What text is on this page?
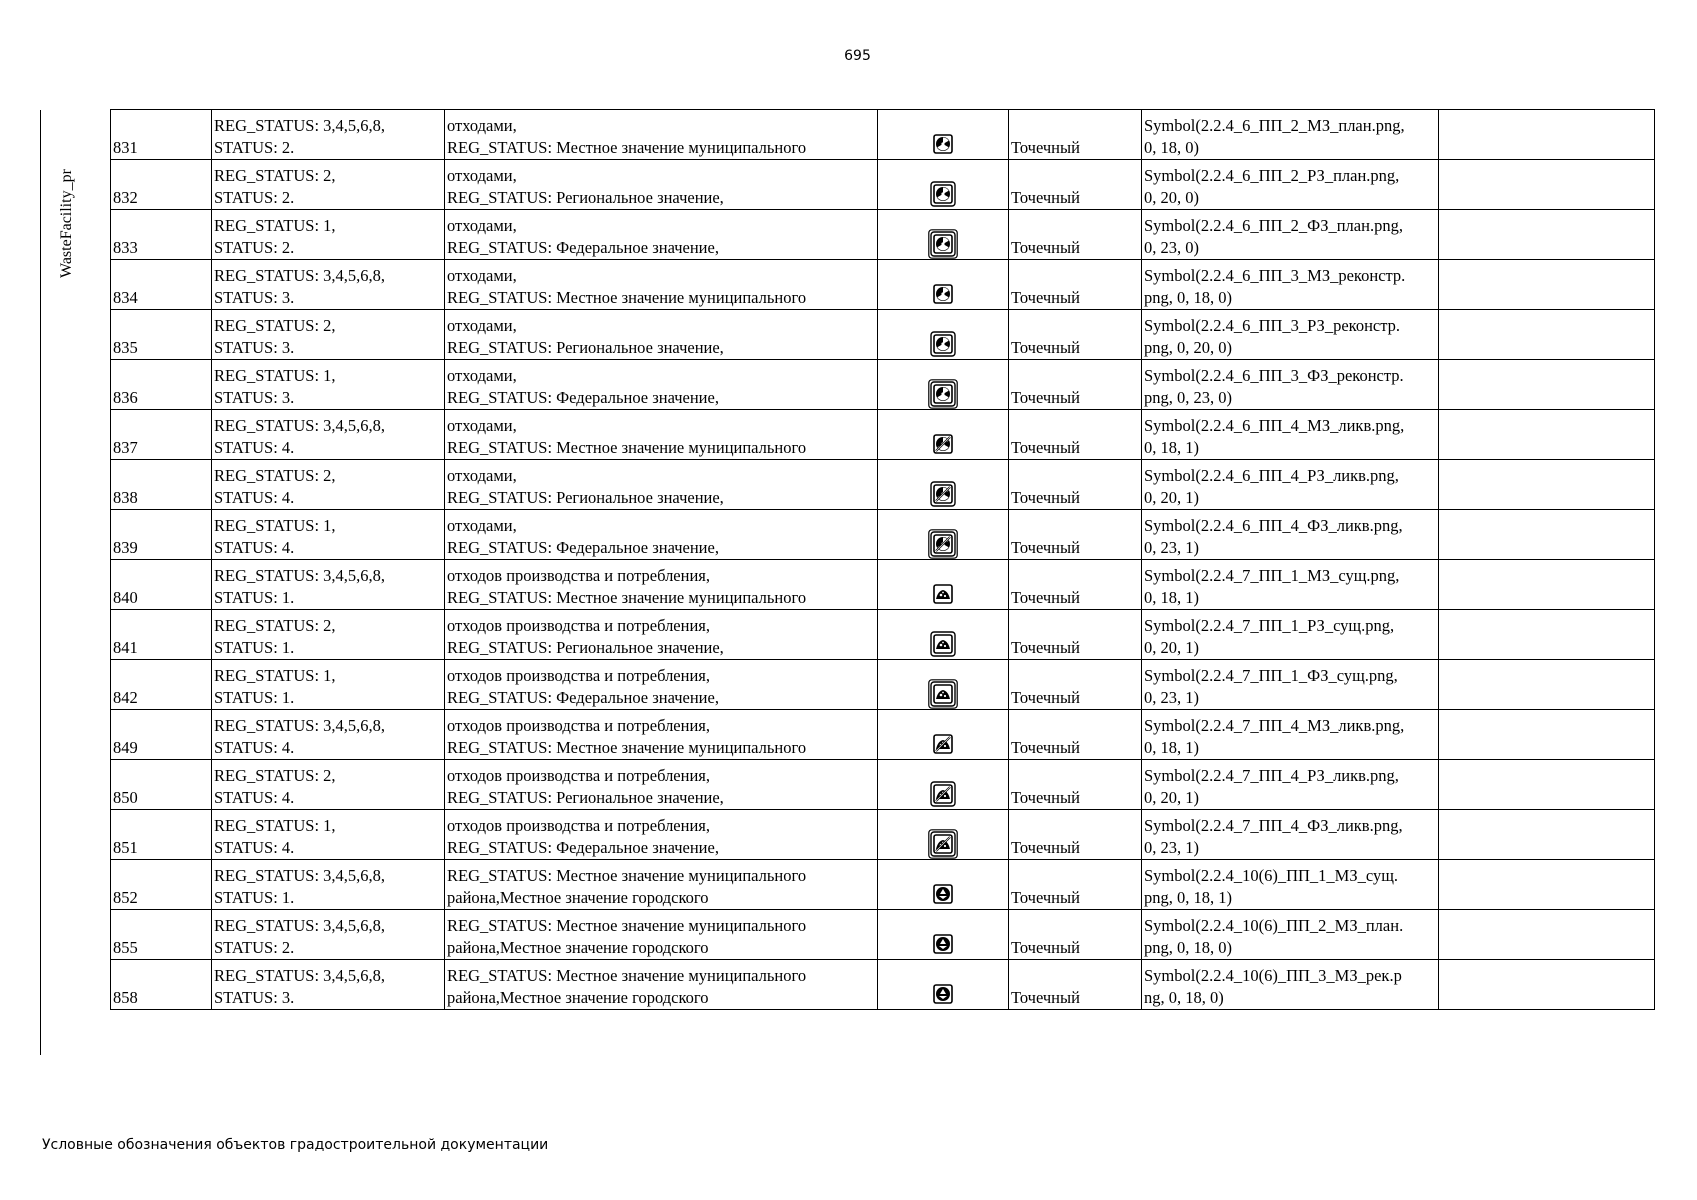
695
WasteFacility_pr
831	REG_STATUS: 3,4,5,6,8,
STATUS: 2.	отходами,
REG_STATUS: Местное значение муниципального		Точечный	Symbol(2.2.4_6_ПП_2_МЗ_план.png,
0, 18, 0)	

832	REG_STATUS: 2,
STATUS: 2.	отходами,
REG_STATUS: Региональное значение,		Точечный	Symbol(2.2.4_6_ПП_2_РЗ_план.png,
0, 20, 0)	

833	REG_STATUS: 1,
STATUS: 2.	отходами,
REG_STATUS: Федеральное значение,		Точечный	Symbol(2.2.4_6_ПП_2_ФЗ_план.png,
0, 23, 0)	

834	REG_STATUS: 3,4,5,6,8,
STATUS: 3.	отходами,
REG_STATUS: Местное значение муниципального		Точечный	Symbol(2.2.4_6_ПП_3_МЗ_реконстр.
png, 0, 18, 0)	

835	REG_STATUS: 2,
STATUS: 3.	отходами,
REG_STATUS: Региональное значение,		Точечный	Symbol(2.2.4_6_ПП_3_РЗ_реконстр.
png, 0, 20, 0)	

836	REG_STATUS: 1,
STATUS: 3.	отходами,
REG_STATUS: Федеральное значение,		Точечный	Symbol(2.2.4_6_ПП_3_ФЗ_реконстр.
png, 0, 23, 0)	

837	REG_STATUS: 3,4,5,6,8,
STATUS: 4.	отходами,
REG_STATUS: Местное значение муниципального		Точечный	Symbol(2.2.4_6_ПП_4_МЗ_ликв.png,
0, 18, 1)	

838	REG_STATUS: 2,
STATUS: 4.	отходами,
REG_STATUS: Региональное значение,		Точечный	Symbol(2.2.4_6_ПП_4_РЗ_ликв.png,
0, 20, 1)	

839	REG_STATUS: 1,
STATUS: 4.	отходами,
REG_STATUS: Федеральное значение,		Точечный	Symbol(2.2.4_6_ПП_4_ФЗ_ликв.png,
0, 23, 1)	

840	REG_STATUS: 3,4,5,6,8,
STATUS: 1.	отходов производства и потребления,
REG_STATUS: Местное значение муниципального		Точечный	Symbol(2.2.4_7_ПП_1_МЗ_сущ.png,
0, 18, 1)	

841	REG_STATUS: 2,
STATUS: 1.	отходов производства и потребления,
REG_STATUS: Региональное значение,		Точечный	Symbol(2.2.4_7_ПП_1_РЗ_сущ.png,
0, 20, 1)	

842	REG_STATUS: 1,
STATUS: 1.	отходов производства и потребления,
REG_STATUS: Федеральное значение,		Точечный	Symbol(2.2.4_7_ПП_1_ФЗ_сущ.png,
0, 23, 1)	

849	REG_STATUS: 3,4,5,6,8,
STATUS: 4.	отходов производства и потребления,
REG_STATUS: Местное значение муниципального		Точечный	Symbol(2.2.4_7_ПП_4_МЗ_ликв.png,
0, 18, 1)	

850	REG_STATUS: 2,
STATUS: 4.	отходов производства и потребления,
REG_STATUS: Региональное значение,		Точечный	Symbol(2.2.4_7_ПП_4_РЗ_ликв.png,
0, 20, 1)	

851	REG_STATUS: 1,
STATUS: 4.	отходов производства и потребления,
REG_STATUS: Федеральное значение,		Точечный	Symbol(2.2.4_7_ПП_4_ФЗ_ликв.png,
0, 23, 1)	

852	REG_STATUS: 3,4,5,6,8,
STATUS: 1.	REG_STATUS: Местное значение муниципального
района,Местное значение городского		Точечный	Symbol(2.2.4_10(6)_ПП_1_МЗ_сущ.
png, 0, 18, 1)	

855	REG_STATUS: 3,4,5,6,8,
STATUS: 2.	REG_STATUS: Местное значение муниципального
района,Местное значение городского		Точечный	Symbol(2.2.4_10(6)_ПП_2_МЗ_план.
png, 0, 18, 0)	

858	REG_STATUS: 3,4,5,6,8,
STATUS: 3.	REG_STATUS: Местное значение муниципального
района,Местное значение городского		Точечный	Symbol(2.2.4_10(6)_ПП_3_МЗ_рек.р
ng, 0, 18, 0)	

Условные обозначения объектов градостроительной документации
